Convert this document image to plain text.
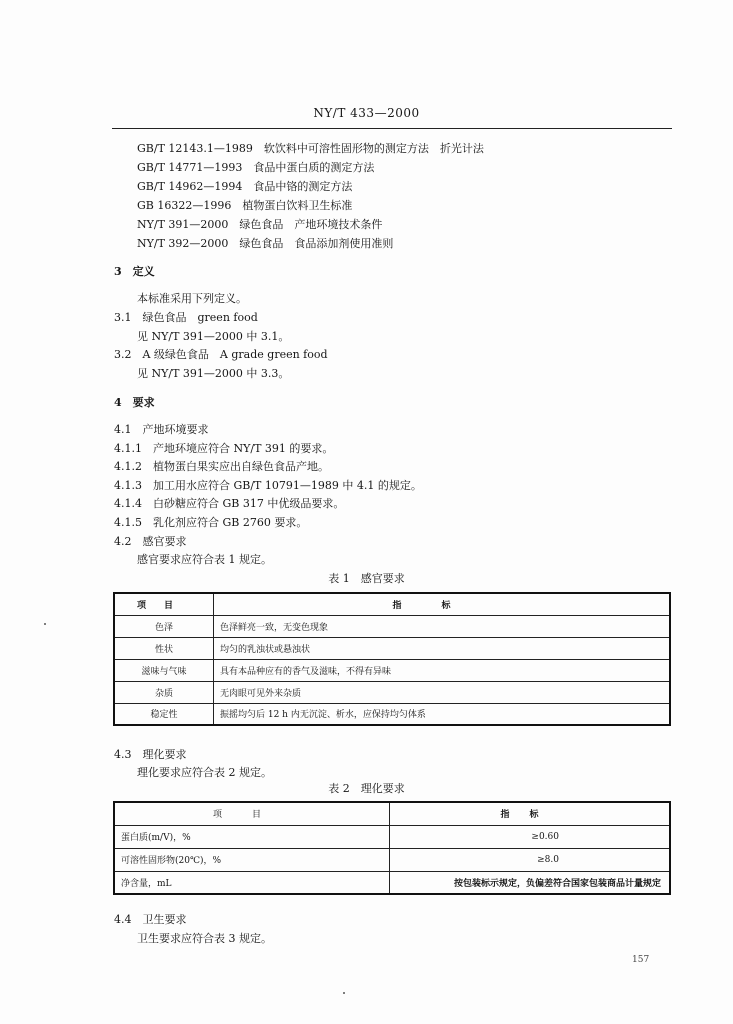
NY/T 433—2000
GB/T 12143.1—1989　软饮料中可溶性固形物的测定方法　折光计法
GB/T 14771—1993　食品中蛋白质的测定方法
GB/T 14962—1994　食品中铬的测定方法
GB 16322—1996　植物蛋白饮料卫生标准
NY/T 391—2000　绿色食品　产地环境技术条件
NY/T 392—2000　绿色食品　食品添加剂使用准则
3　定义
本标准采用下列定义。
3.1　绿色食品　green food
见 NY/T 391—2000 中 3.1。
3.2　A 级绿色食品　A grade green food
见 NY/T 391—2000 中 3.3。
4　要求
4.1　产地环境要求
4.1.1　产地环境应符合 NY/T 391 的要求。
4.1.2　植物蛋白果实应出自绿色食品产地。
4.1.3　加工用水应符合 GB/T 10791—1989 中 4.1 的规定。
4.1.4　白砂糖应符合 GB 317 中优级品要求。
4.1.5　乳化剂应符合 GB 2760 要求。
4.2　感官要求
感官要求应符合表 1 规定。
表 1　感官要求
项目	指标
色泽	色泽鲜亮一致，无变色现象
性状	均匀的乳浊状或悬浊状
滋味与气味	具有本品种应有的香气及滋味，不得有异味
杂质	无肉眼可见外来杂质
稳定性	振摇均匀后 12 h 内无沉淀、析水，应保持均匀体系
4.3　理化要求
理化要求应符合表 2 规定。
表 2　理化要求
项目	指标
蛋白质(m/V)，%	≥0.60
可溶性固形物(20℃)，%	≥8.0
净含量，mL	按包装标示规定，负偏差符合国家包装商品计量规定
4.4　卫生要求
卫生要求应符合表 3 规定。
157
